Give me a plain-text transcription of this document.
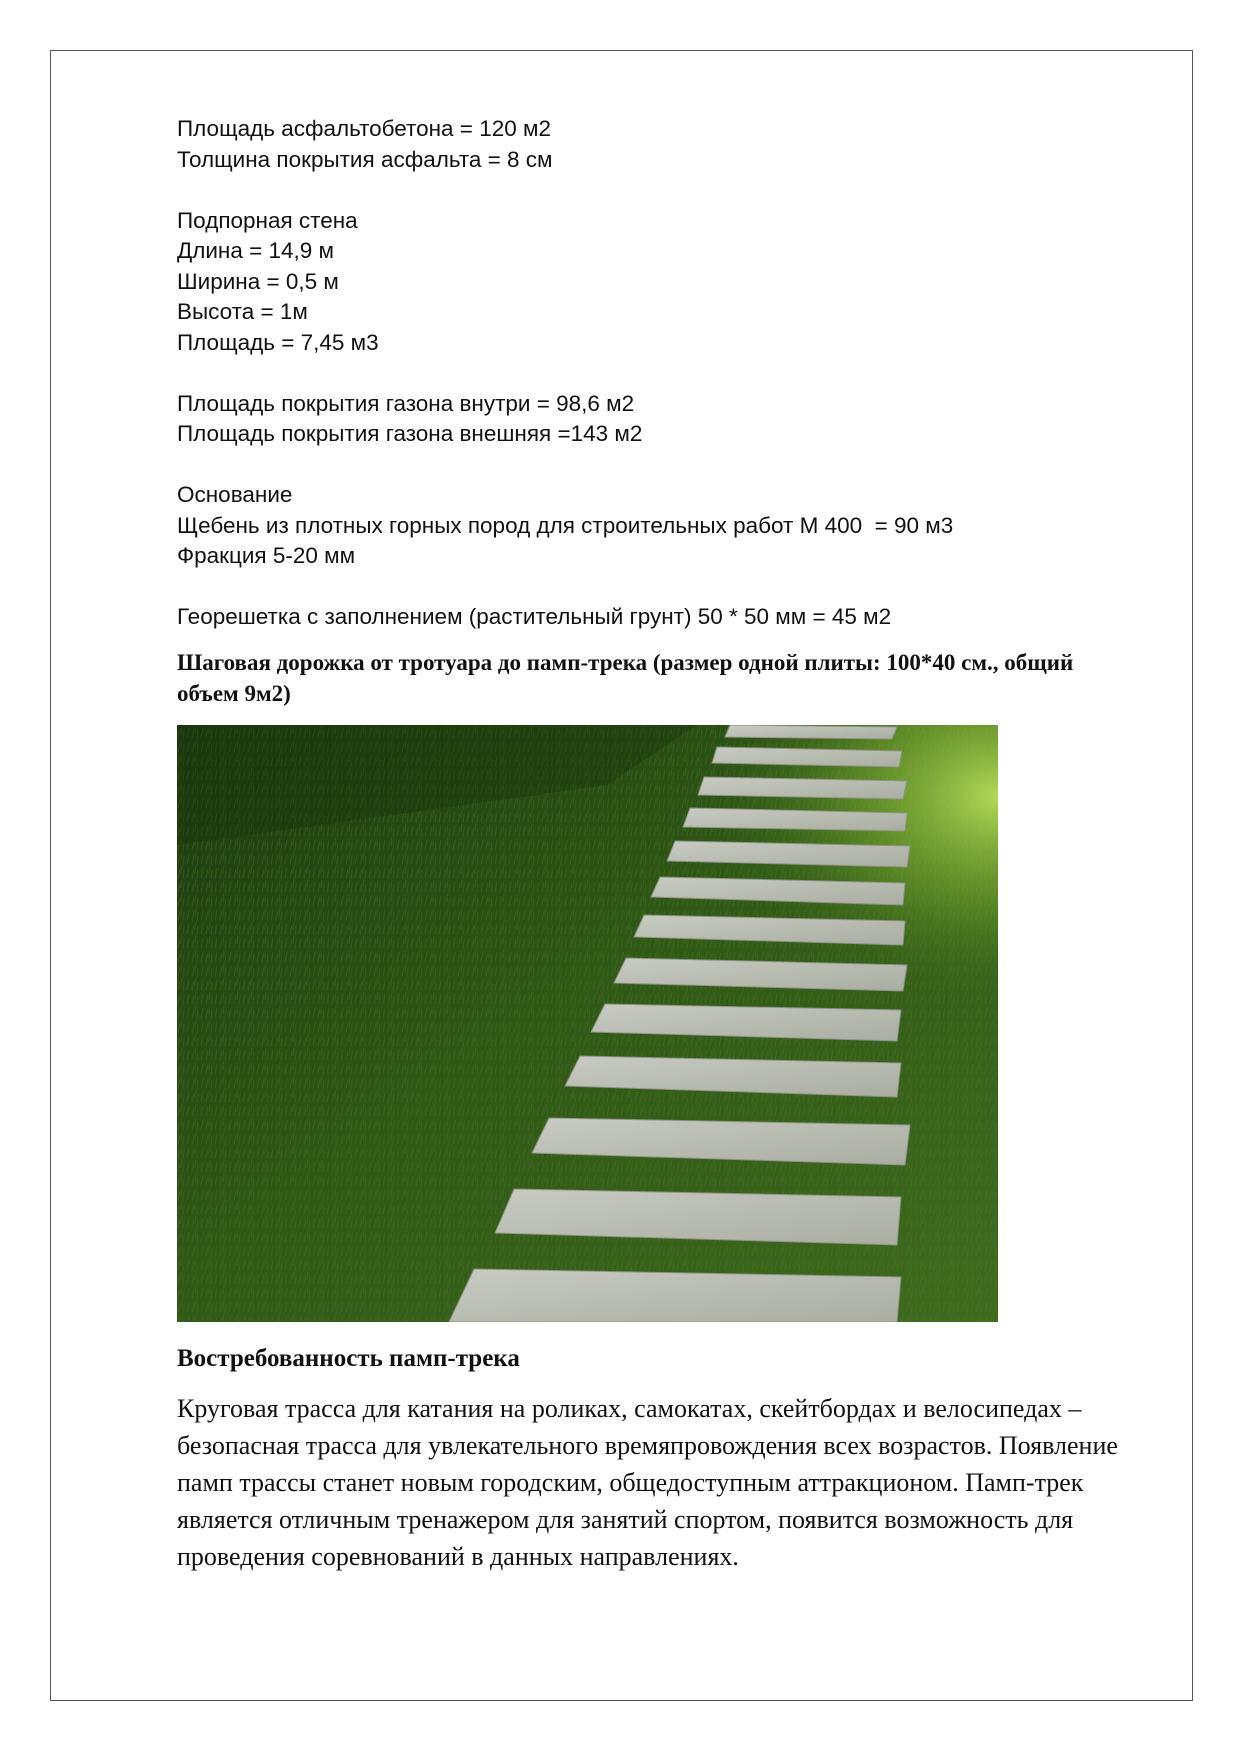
Площадь асфальтобетона = 120 м2

Толщина покрытия асфальта = 8 см

Подпорная стена

Длина = 14,9 м

Ширина = 0,5 м

Высота = 1м

Площадь = 7,45 м3

Площадь покрытия газона внутри = 98,6 м2

Площадь покрытия газона внешняя =143 м2

Основание

Щебень из плотных горных пород для строительных работ М 400  = 90 м3

Фракция 5-20 мм

Георешетка с заполнением (растительный грунт) 50 * 50 мм = 45 м2

Шаговая дорожка от тротуара до памп-трека (размер одной плиты: 100*40 см., общий объем 9м2)

Востребованность памп-трека

Круговая трасса для катания на роликах, самокатах, скейтбордах и велосипедах – безопасная трасса для увлекательного времяпровождения всех возрастов. Появление памп трассы станет новым городским, общедоступным аттракционом. Памп-трек является отличным тренажером для занятий спортом, появится возможность для проведения соревнований в данных направлениях.
